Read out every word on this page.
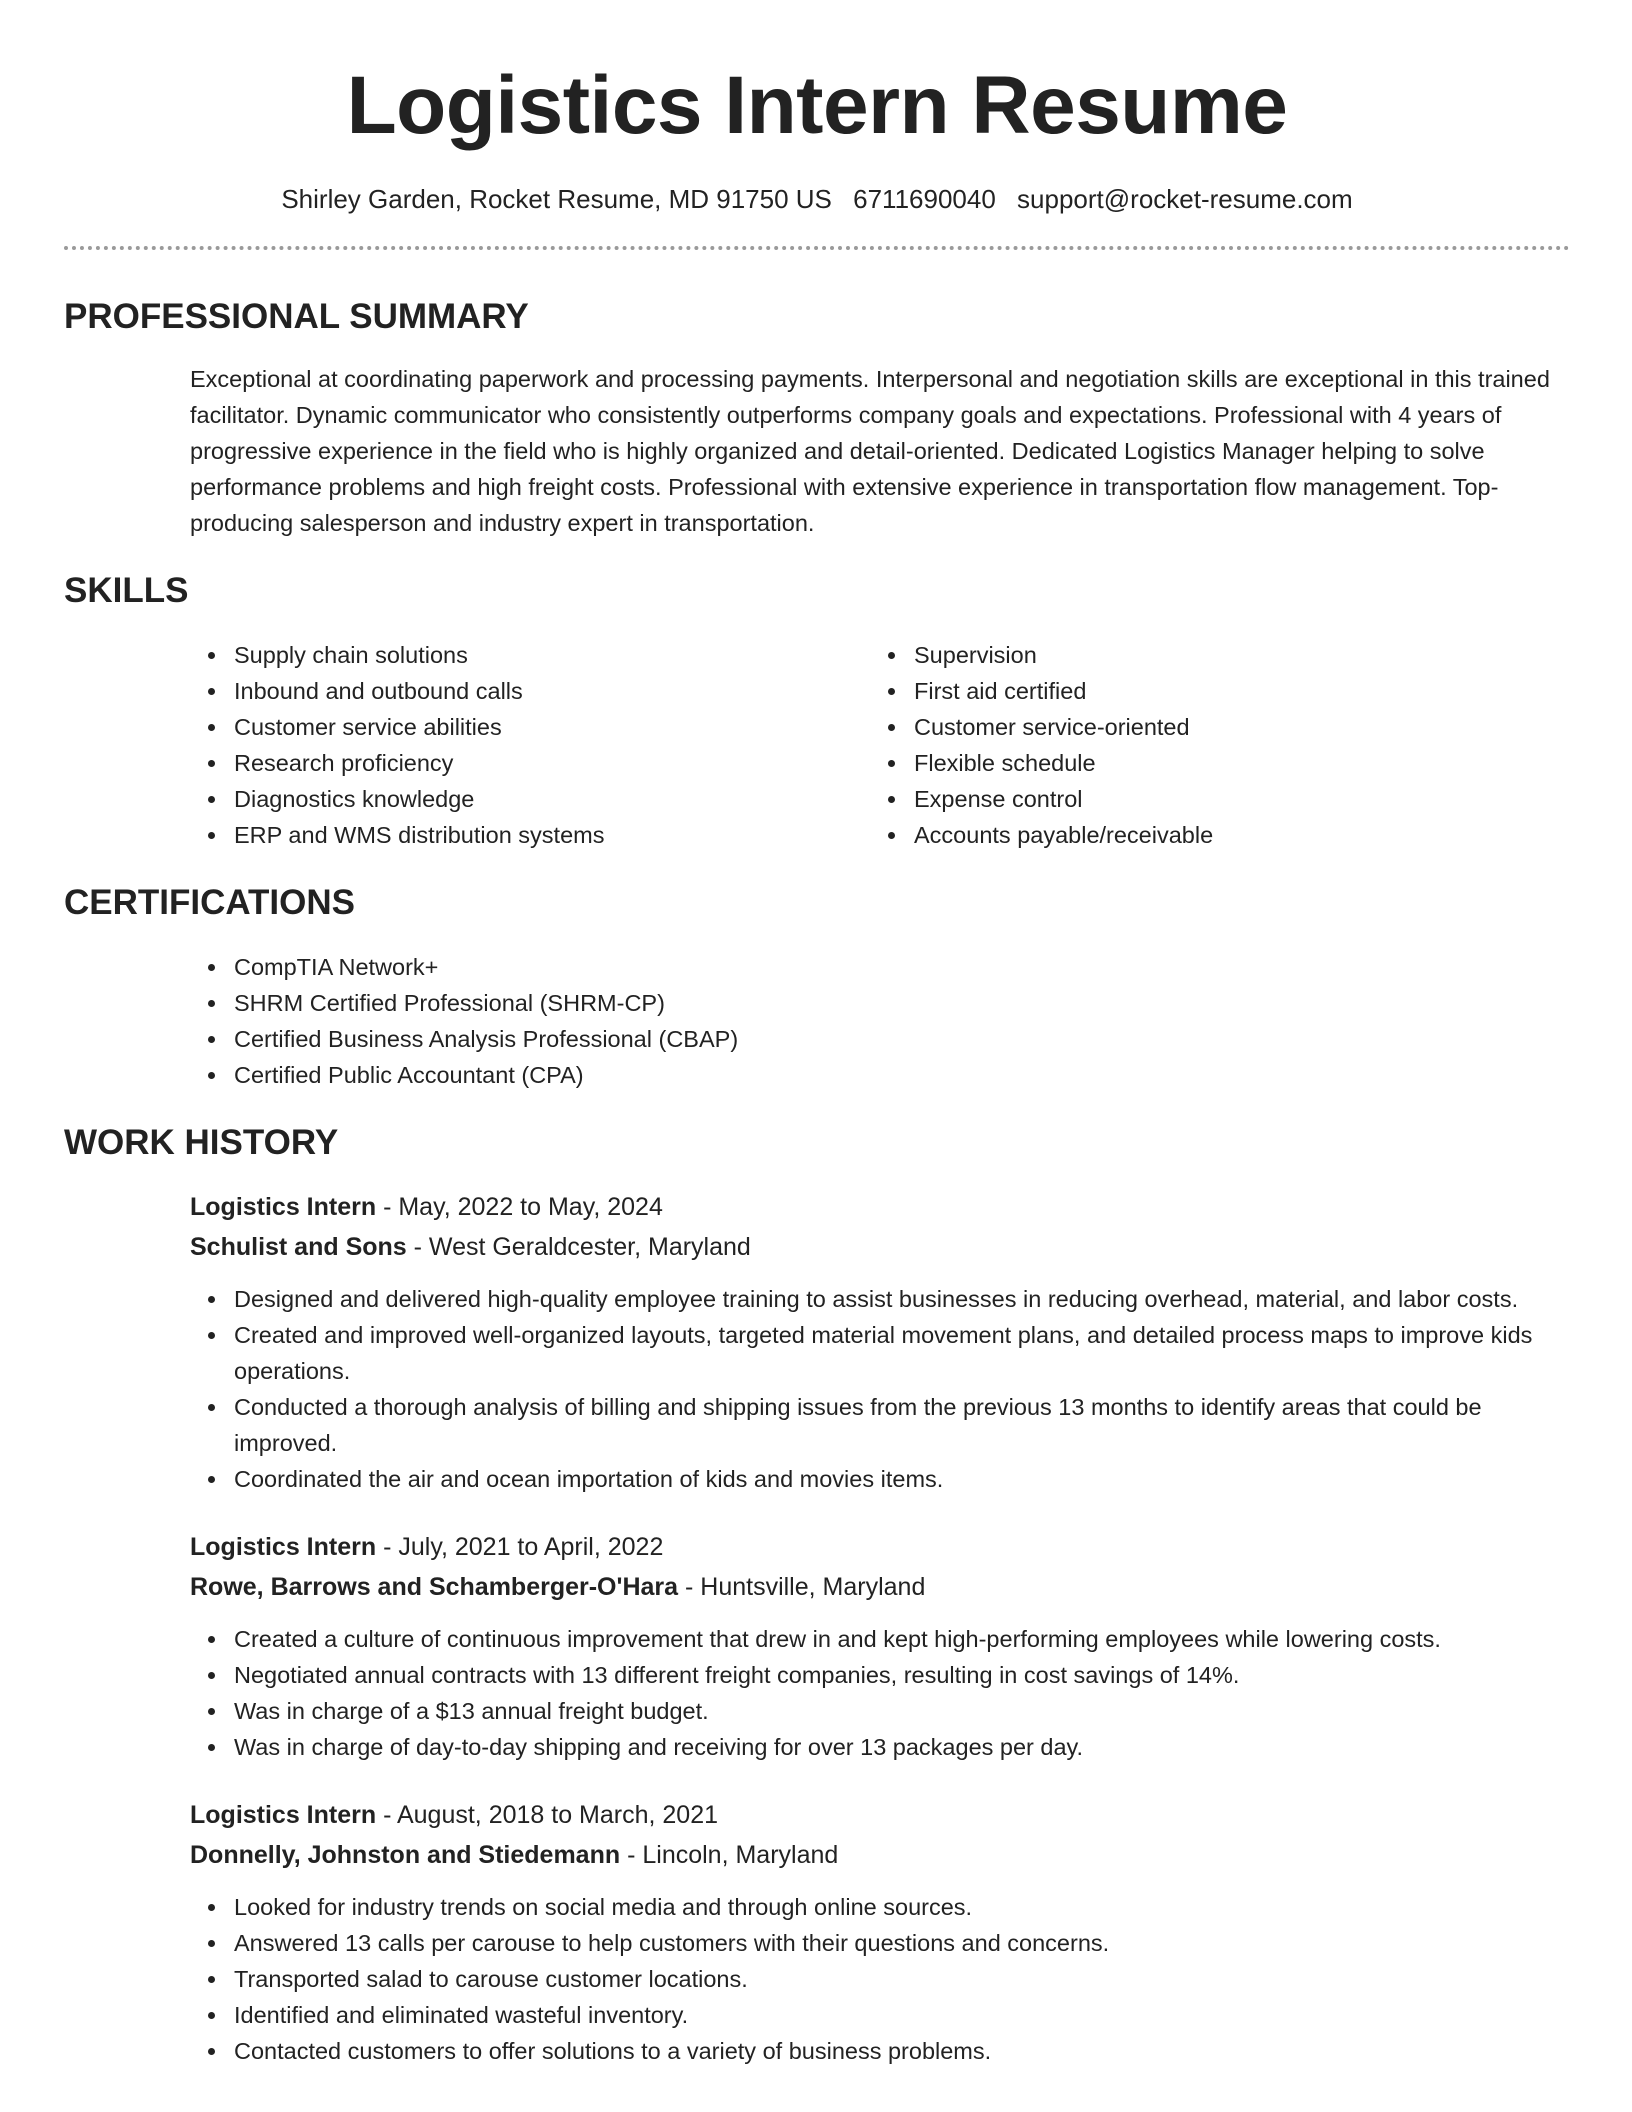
Logistics Intern Resume
Shirley Garden, Rocket Resume, MD 91750 US 6711690040 support@rocket-resume.com
PROFESSIONAL SUMMARY

Exceptional at coordinating paperwork and processing payments. Interpersonal and negotiation skills are exceptional in this trained facilitator. Dynamic communicator who consistently outperforms company goals and expectations. Professional with 4 years of progressive experience in the field who is highly organized and detail-oriented. Dedicated Logistics Manager helping to solve performance problems and high freight costs. Professional with extensive experience in transportation flow management. Top-producing salesperson and industry expert in transportation.

SKILLS
Supply chain solutions
Inbound and outbound calls
Customer service abilities
Research proficiency
Diagnostics knowledge
ERP and WMS distribution systems
Supervision
First aid certified
Customer service-oriented
Flexible schedule
Expense control
Accounts payable/receivable
CERTIFICATIONS
CompTIA Network+
SHRM Certified Professional (SHRM-CP)
Certified Business Analysis Professional (CBAP)
Certified Public Accountant (CPA)
WORK HISTORY
Logistics Intern - May, 2022 to May, 2024
Schulist and Sons - West Geraldcester, Maryland
Designed and delivered high-quality employee training to assist businesses in reducing overhead, material, and labor costs.
Created and improved well-organized layouts, targeted material movement plans, and detailed process maps to improve kids operations.
Conducted a thorough analysis of billing and shipping issues from the previous 13 months to identify areas that could be improved.
Coordinated the air and ocean importation of kids and movies items.
Logistics Intern - July, 2021 to April, 2022
Rowe, Barrows and Schamberger-O'Hara - Huntsville, Maryland
Created a culture of continuous improvement that drew in and kept high-performing employees while lowering costs.
Negotiated annual contracts with 13 different freight companies, resulting in cost savings of 14%.
Was in charge of a $13 annual freight budget.
Was in charge of day-to-day shipping and receiving for over 13 packages per day.
Logistics Intern - August, 2018 to March, 2021
Donnelly, Johnston and Stiedemann - Lincoln, Maryland
Looked for industry trends on social media and through online sources.
Answered 13 calls per carouse to help customers with their questions and concerns.
Transported salad to carouse customer locations.
Identified and eliminated wasteful inventory.
Contacted customers to offer solutions to a variety of business problems.
